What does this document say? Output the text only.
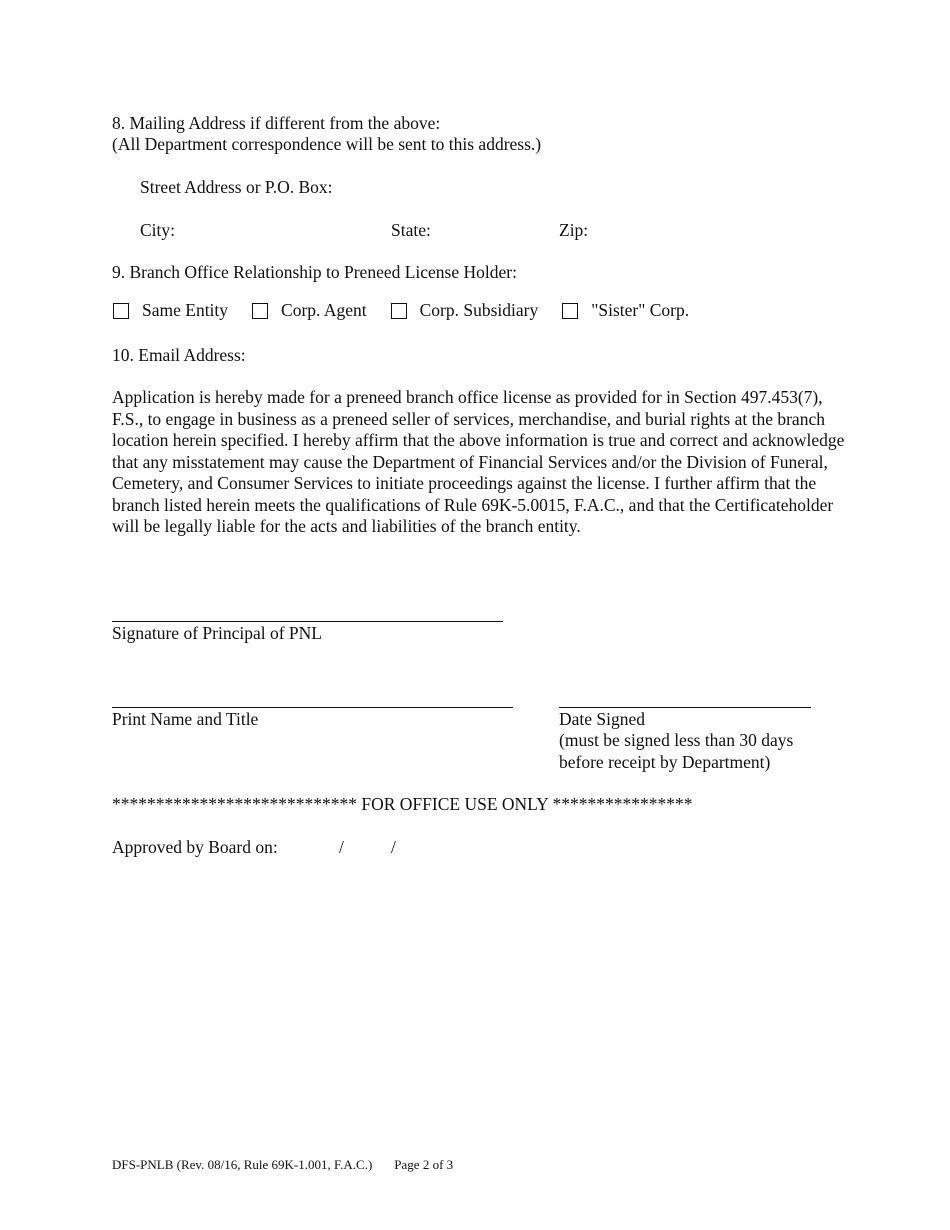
8. Mailing Address if different from the above:
(All Department correspondence will be sent to this address.)
Street Address or P.O. Box:
City:	State:	Zip:
9. Branch Office Relationship to Preneed License Holder:
Same Entity	Corp. Agent	Corp. Subsidiary	"Sister" Corp.
10. Email Address:
Application is hereby made for a preneed branch office license as provided for in Section 497.453(7), F.S., to engage in business as a preneed seller of services, merchandise, and burial rights at the branch location herein specified. I hereby affirm that the above information is true and correct and acknowledge that any misstatement may cause the Department of Financial Services and/or the Division of Funeral, Cemetery, and Consumer Services to initiate proceedings against the license. I further affirm that the branch listed herein meets the qualifications of Rule 69K-5.0015, F.A.C., and that the Certificateholder will be legally liable for the acts and liabilities of the branch entity.
Signature of Principal of PNL
Print Name and Title	Date Signed
(must be signed less than 30 days
before receipt by Department)
**************************** FOR OFFICE USE ONLY ****************
Approved by Board on:	/	/
DFS-PNLB (Rev. 08/16, Rule 69K-1.001, F.A.C.) Page 2 of 3
